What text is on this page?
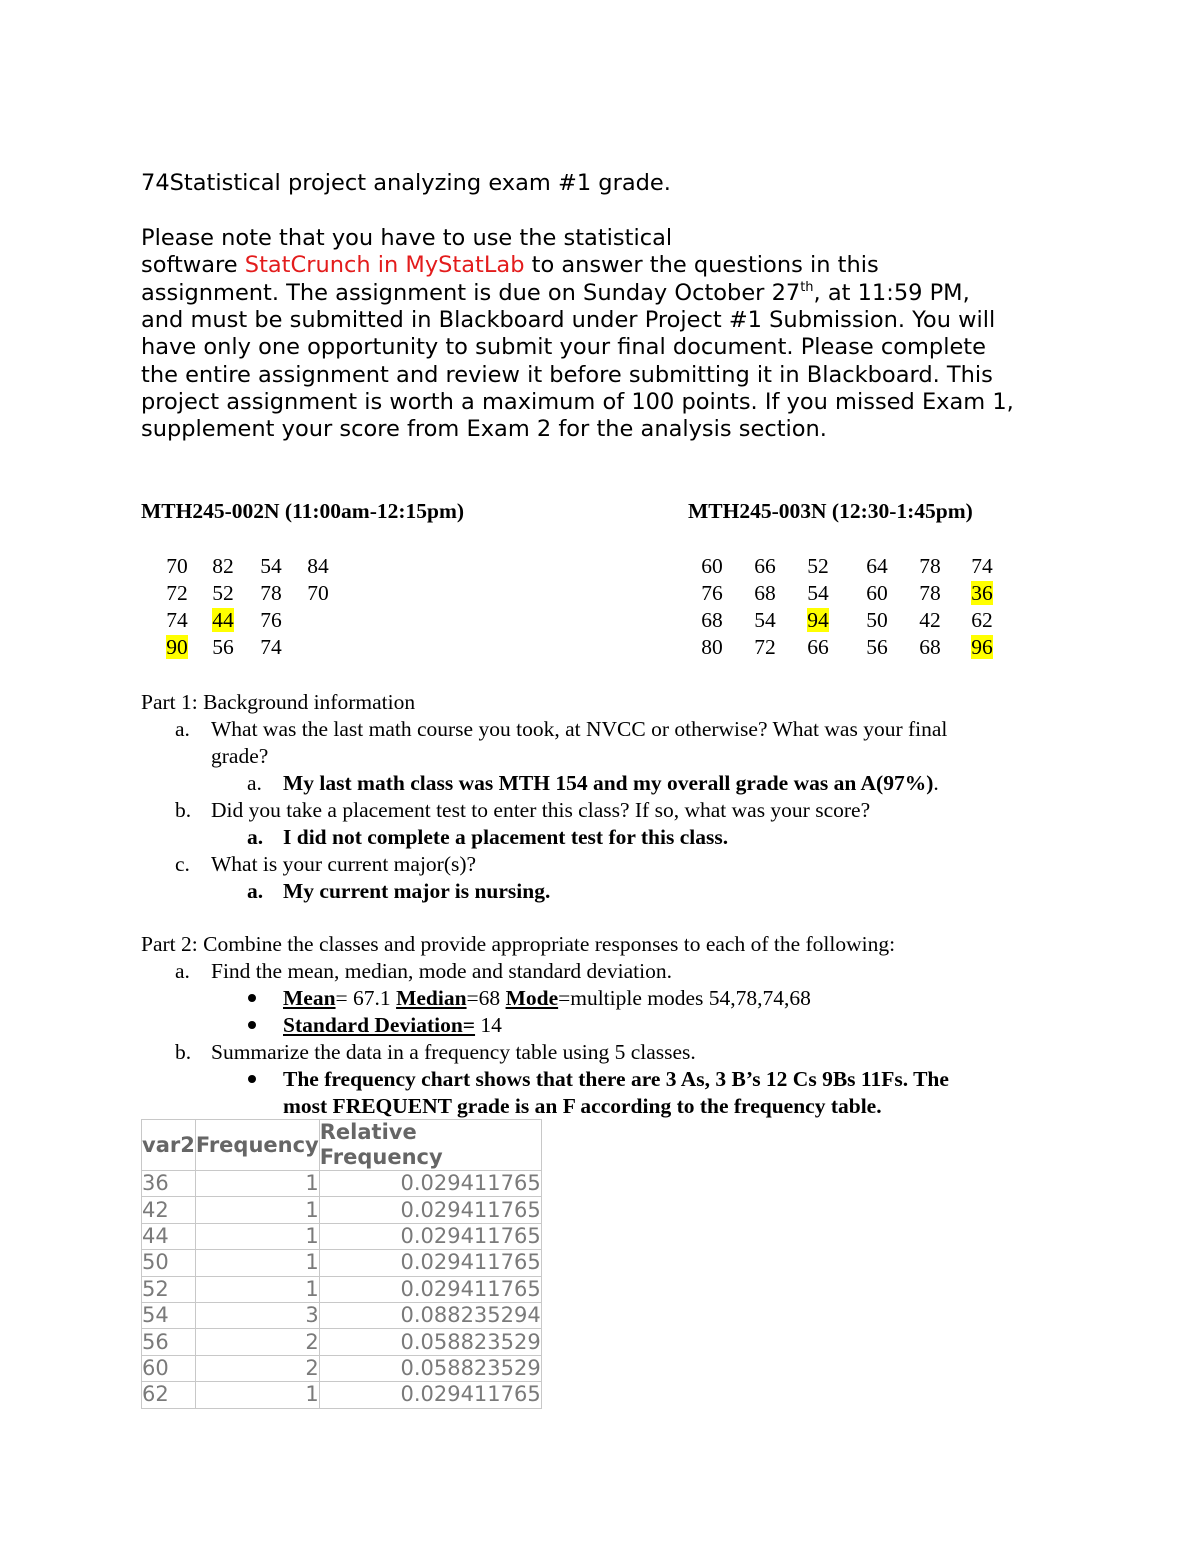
74Statistical project analyzing exam #1 grade.
Please note that you have to use the statistical
software StatCrunch in MyStatLab to answer the questions in this
assignment. The assignment is due on Sunday October 27th, at 11:59 PM,
and must be submitted in Blackboard under Project #1 Submission. You will
have only one opportunity to submit your final document. Please complete
the entire assignment and review it before submitting it in Blackboard. This
project assignment is worth a maximum of 100 points. If you missed Exam 1,
supplement your score from Exam 2 for the analysis section.
MTH245-002N (11:00am-12:15pm)	MTH245-003N (12:30-1:45pm)
70	82	54	84
72	52	78	70
74	44	76
90	56	74
60	66	52	64	78	74
76	68	54	60	78	36
68	54	94	50	42	62
80	72	66	56	68	96
Part 1: Background information
a. What was the last math course you took, at NVCC or otherwise? What was your final
grade?
a. My last math class was MTH 154 and my overall grade was an A(97%).
b. Did you take a placement test to enter this class? If so, what was your score?
a. I did not complete a placement test for this class.
c. What is your current major(s)?
a. My current major is nursing.
Part 2: Combine the classes and provide appropriate responses to each of the following:
a. Find the mean, median, mode and standard deviation.
Mean= 67.1 Median=68 Mode=multiple modes 54,78,74,68
Standard Deviation= 14
b. Summarize the data in a frequency table using 5 classes.
The frequency chart shows that there are 3 As, 3 B’s 12 Cs 9Bs 11Fs. The
most FREQUENT grade is an F according to the frequency table.
var2	Frequency	Relative Frequency
36	1	0.029411765
42	1	0.029411765
44	1	0.029411765
50	1	0.029411765
52	1	0.029411765
54	3	0.088235294
56	2	0.058823529
60	2	0.058823529
62	1	0.029411765
